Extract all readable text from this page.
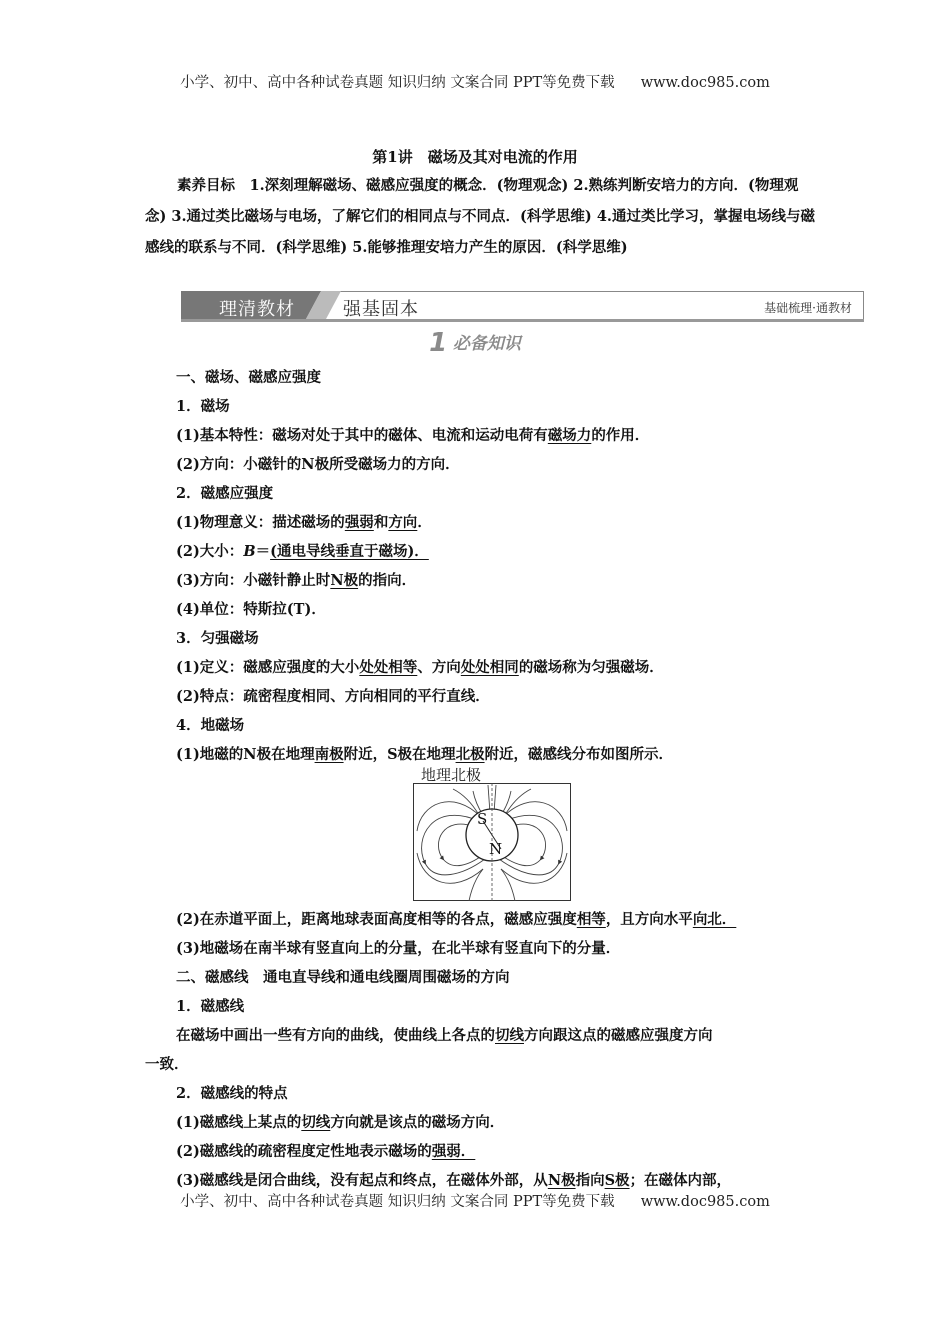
小学、初中、高中各种试卷真题 知识归纳 文案合同 PPT等免费下载 www.doc985.com
第1讲　磁场及其对电流的作用
素养目标　1.深刻理解磁场、磁感应强度的概念．(物理观念) 2.熟练判断安培力的方向．(物理观念) 3.通过类比磁场与电场，了解它们的相同点与不同点．(科学思维) 4.通过类比学习，掌握电场线与磁感线的联系与不同．(科学思维) 5.能够推理安培力产生的原因．(科学思维)
理清教材	强基固本	基础梳理·通教材
1 必备知识
一、磁场、磁感应强度
1．磁场
(1)基本特性：磁场对处于其中的磁体、电流和运动电荷有磁场力的作用．
(2)方向：小磁针的N极所受磁场力的方向．
2．磁感应强度
(1)物理意义：描述磁场的强弱和方向．
(2)大小：B＝(通电导线垂直于磁场)．
(3)方向：小磁针静止时N极的指向．
(4)单位：特斯拉(T)．
3．匀强磁场
(1)定义：磁感应强度的大小处处相等、方向处处相同的磁场称为匀强磁场．
(2)特点：疏密程度相同、方向相同的平行直线．
4．地磁场
(1)地磁的N极在地理南极附近，S极在地理北极附近，磁感线分布如图所示．
(2)在赤道平面上，距离地球表面高度相等的各点，磁感应强度相等，且方向水平向北．
(3)地磁场在南半球有竖直向上的分量，在北半球有竖直向下的分量．
二、磁感线　通电直导线和通电线圈周围磁场的方向
1．磁感线
在磁场中画出一些有方向的曲线，使曲线上各点的切线方向跟这点的磁感应强度方向
一致．
2．磁感线的特点
(1)磁感线上某点的切线方向就是该点的磁场方向．
(2)磁感线的疏密程度定性地表示磁场的强弱．
(3)磁感线是闭合曲线，没有起点和终点，在磁体外部，从N极指向S极；在磁体内部，
地理北极
S
N
小学、初中、高中各种试卷真题 知识归纳 文案合同 PPT等免费下载 www.doc985.com
